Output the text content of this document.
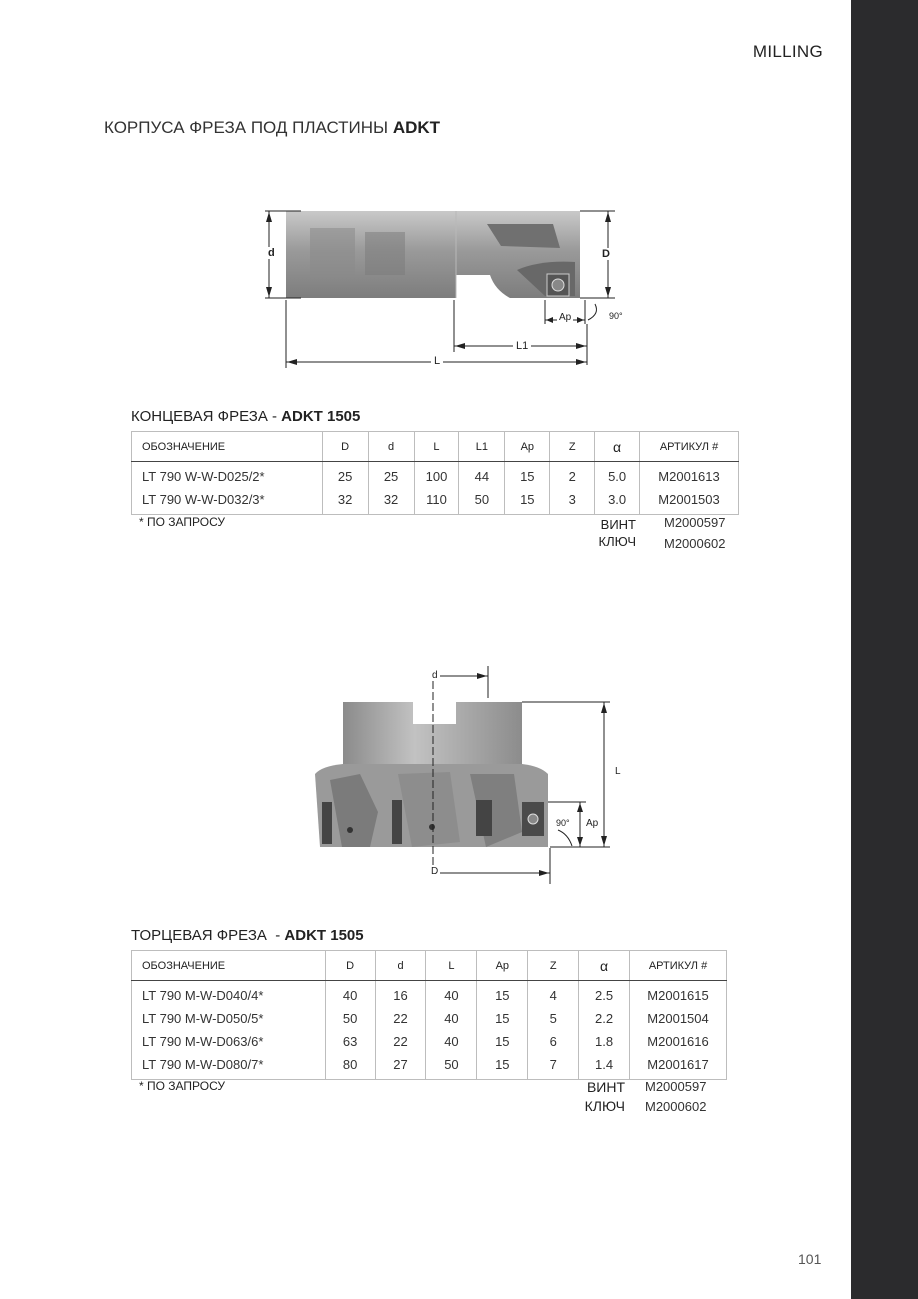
MILLING
КОРПУСА ФРЕЗА ПОД ПЛАСТИНЫ ADKT
d	D
Ap	90°
L1
L
КОНЦЕВАЯ ФРЕЗА - ADKT 1505
ОБОЗНАЧЕНИЕ	D	d	L	L1	Ap	Z	α	АРТИКУЛ #
LT 790 W-W-D025/2*	25	25	100	44	15	2	5.0	M2001613
LT 790 W-W-D032/3*	32	32	110	50	15	3	3.0	M2001503
* ПО ЗАПРОСУ	ВИНТ M2000597
КЛЮЧ M2000602
d
L
90° Ap
D
ТОРЦЕВАЯ ФРЕЗА  - ADKT 1505
ОБОЗНАЧЕНИЕ	D	d	L	Ap	Z	α	АРТИКУЛ #
LT 790 M-W-D040/4*	40	16	40	15	4	2.5	M2001615
LT 790 M-W-D050/5*	50	22	40	15	5	2.2	M2001504
LT 790 M-W-D063/6*	63	22	40	15	6	1.8	M2001616
LT 790 M-W-D080/7*	80	27	50	15	7	1.4	M2001617
* ПО ЗАПРОСУ	ВИНТ M2000597
КЛЮЧ M2000602
101
